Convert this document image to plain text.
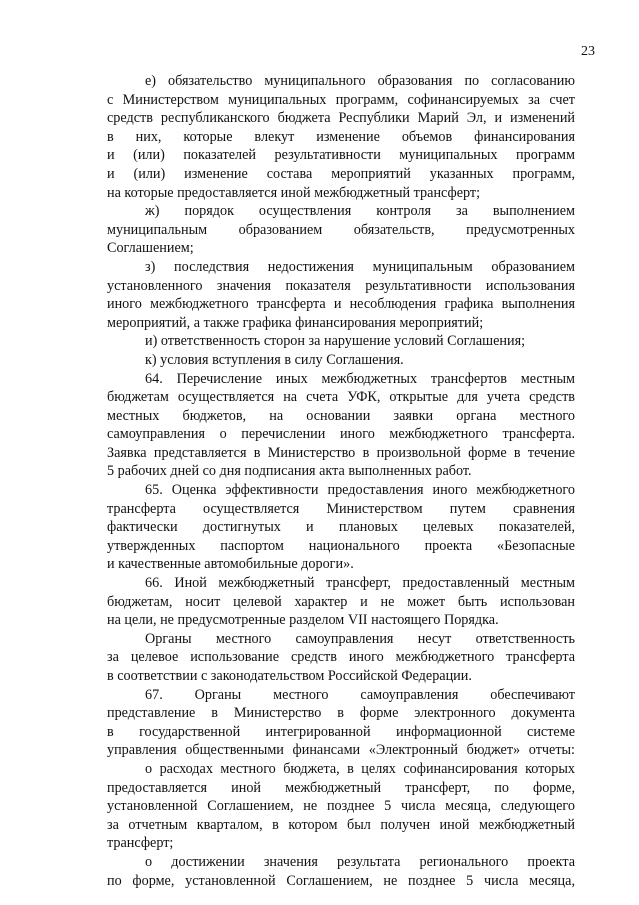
23
е) обязательство муниципального образования по согласованию
с Министерством муниципальных программ, софинансируемых за счет
средств республиканского бюджета Республики Марий Эл, и изменений
в них, которые влекут изменение объемов финансирования
и (или) показателей результативности муниципальных программ
и (или) изменение состава мероприятий указанных программ,
на которые предоставляется иной межбюджетный трансферт;
ж) порядок осуществления контроля за выполнением
муниципальным образованием обязательств, предусмотренных
Соглашением;
з) последствия недостижения муниципальным образованием
установленного значения показателя результативности использования
иного межбюджетного трансферта и несоблюдения графика выполнения
мероприятий, а также графика финансирования мероприятий;
и) ответственность сторон за нарушение условий Соглашения;
к) условия вступления в силу Соглашения.
64. Перечисление иных межбюджетных трансфертов местным
бюджетам осуществляется на счета УФК, открытые для учета средств
местных бюджетов, на основании заявки органа местного
самоуправления о перечислении иного межбюджетного трансферта.
Заявка представляется в Министерство в произвольной форме в течение
5 рабочих дней со дня подписания акта выполненных работ.
65. Оценка эффективности предоставления иного межбюджетного
трансферта осуществляется Министерством путем сравнения
фактически достигнутых и плановых целевых показателей,
утвержденных паспортом национального проекта «Безопасные
и качественные автомобильные дороги».
66. Иной межбюджетный трансферт, предоставленный местным
бюджетам, носит целевой характер и не может быть использован
на цели, не предусмотренные разделом VII настоящего Порядка.
Органы местного самоуправления несут ответственность
за целевое использование средств иного межбюджетного трансферта
в соответствии с законодательством Российской Федерации.
67. Органы местного самоуправления обеспечивают
представление в Министерство в форме электронного документа
в государственной интегрированной информационной системе
управления общественными финансами «Электронный бюджет» отчеты:
о расходах местного бюджета, в целях софинансирования которых
предоставляется иной межбюджетный трансферт, по форме,
установленной Соглашением, не позднее 5 числа месяца, следующего
за отчетным кварталом, в котором был получен иной межбюджетный
трансферт;
о достижении значения результата регионального проекта
по форме, установленной Соглашением, не позднее 5 числа месяца,
